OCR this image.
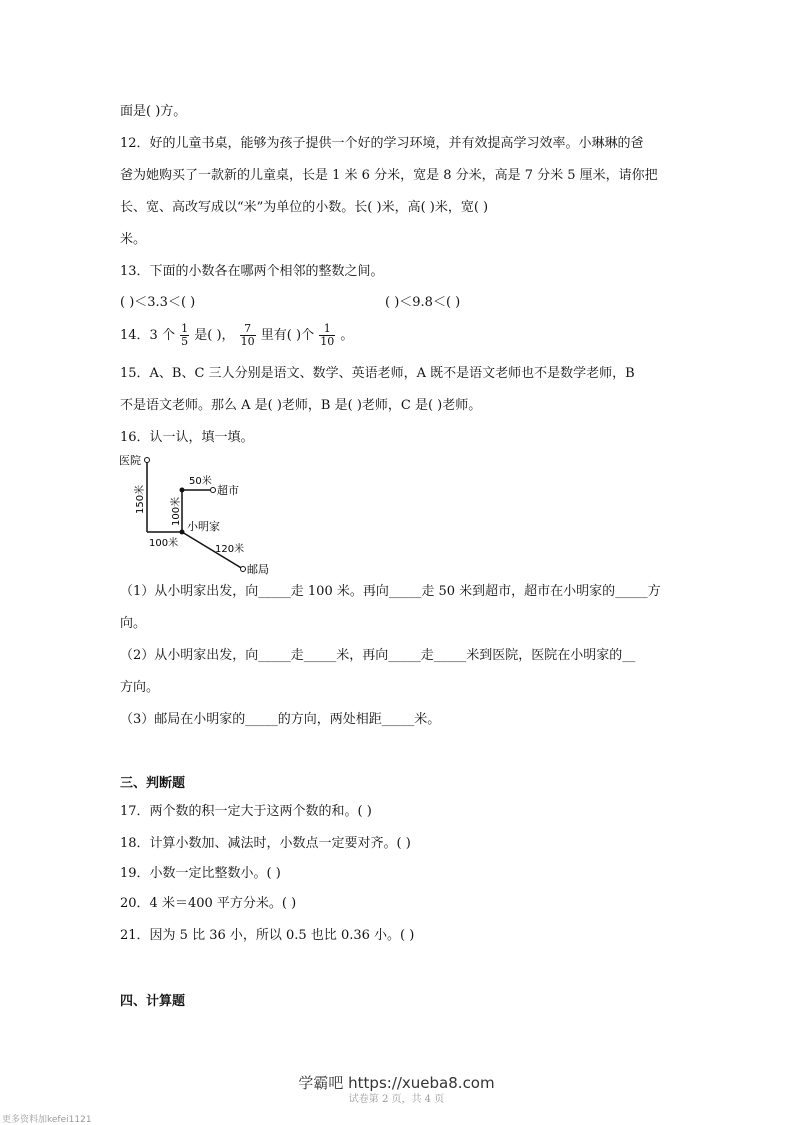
面是( )方。
12．好的儿童书桌，能够为孩子提供一个好的学习环境，并有效提高学习效率。小琳琳的爸
爸为她购买了一款新的儿童桌，长是 1 米 6 分米，宽是 8 分米，高是 7 分米 5 厘米，请你把
长、宽、高改写成以“米”为单位的小数。长( )米，高( )米，宽( )
米。
13．下面的小数各在哪两个相邻的整数之间。
( )＜3.3＜( )	( )＜9.8＜( )
14．3 个 $\frac{1}{5}$ 是( )， $\frac{7}{10}$ 里有( )个 $\frac{1}{10}$ 。
15．A、B、C 三人分别是语文、数学、英语老师，A 既不是语文老师也不是数学老师，B
不是语文老师。那么 A 是( )老师，B 是( )老师，C 是( )老师。
16．认一认，填一填。
医院
超市
小明家
邮局
50米
150米	100米
100米
120米
（1）从小明家出发，向_____走 100 米。再向_____走 50 米到超市，超市在小明家的_____方
向。
（2）从小明家出发，向_____走_____米，再向_____走_____米到医院，医院在小明家的__
方向。
（3）邮局在小明家的_____的方向，两处相距_____米。
三、判断题
17．两个数的积一定大于这两个数的和。( )
18．计算小数加、减法时，小数点一定要对齐。( )
19．小数一定比整数小。( )
20．4 米＝400 平方分米。( )
21．因为 5 比 36 小，所以 0.5 也比 0.36 小。( )
四、计算题
学霸吧 https://xueba8.com
试卷第 2 页，共 4 页
更多资料加kefei1121
